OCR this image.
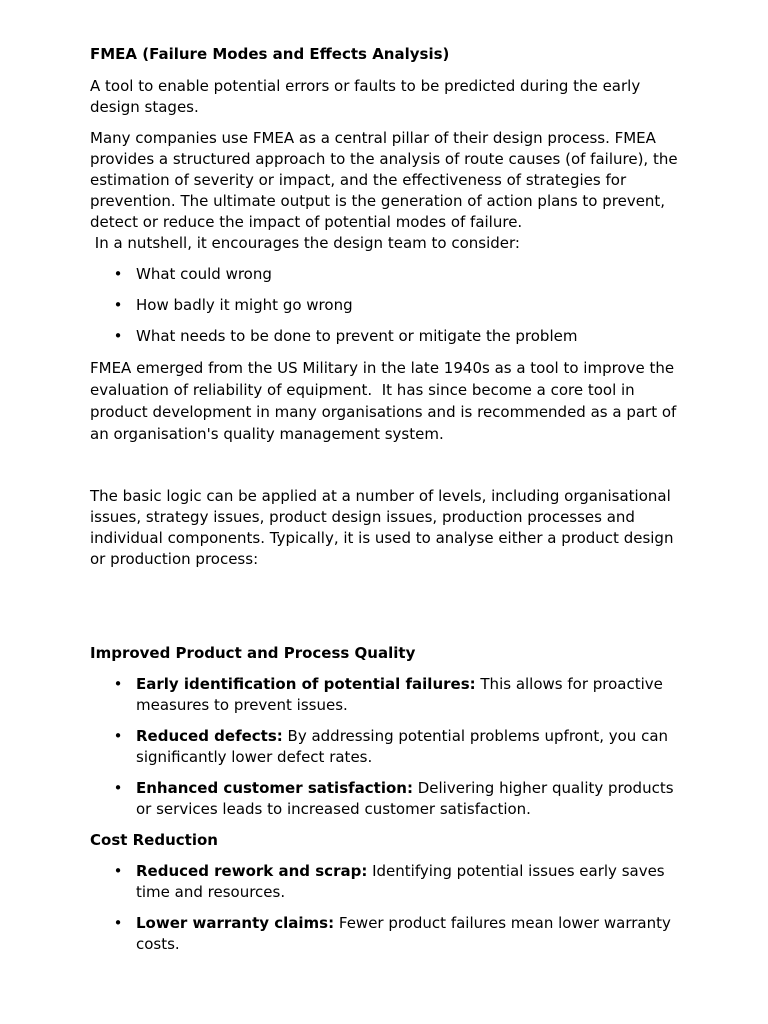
FMEA (Failure Modes and Effects Analysis)

A tool to enable potential errors or faults to be predicted during the early design stages.

Many companies use FMEA as a central pillar of their design process. FMEA provides a structured approach to the analysis of route causes (of failure), the estimation of severity or impact, and the effectiveness of strategies for prevention. The ultimate output is the generation of action plans to prevent, detect or reduce the impact of potential modes of failure.
In a nutshell, it encourages the design team to consider:

• What could wrong
• How badly it might go wrong
• What needs to be done to prevent or mitigate the problem

FMEA emerged from the US Military in the late 1940s as a tool to improve the evaluation of reliability of equipment.  It has since become a core tool in product development in many organisations and is recommended as a part of an organisation's quality management system.

The basic logic can be applied at a number of levels, including organisational issues, strategy issues, product design issues, production processes and individual components. Typically, it is used to analyse either a product design or production process:

Improved Product and Process Quality
• Early identification of potential failures: This allows for proactive measures to prevent issues.
• Reduced defects: By addressing potential problems upfront, you can significantly lower defect rates.
• Enhanced customer satisfaction: Delivering higher quality products or services leads to increased customer satisfaction.
Cost Reduction
• Reduced rework and scrap: Identifying potential issues early saves time and resources.
• Lower warranty claims: Fewer product failures mean lower warranty costs.
